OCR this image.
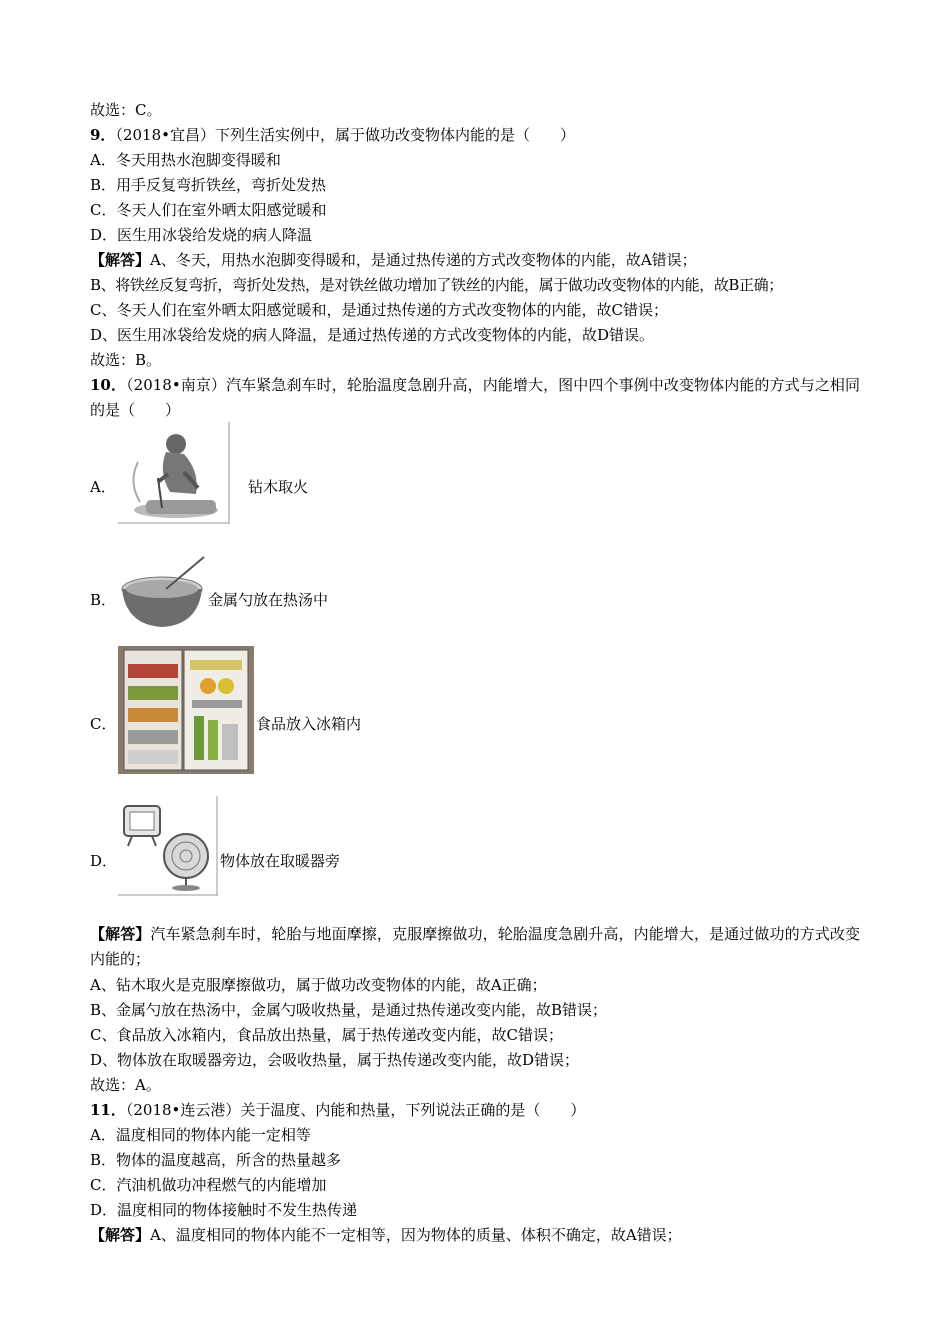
故选：C。
9．（2018•宜昌）下列生活实例中，属于做功改变物体内能的是（　　）
A．冬天用热水泡脚变得暖和
B．用手反复弯折铁丝，弯折处发热
C．冬天人们在室外晒太阳感觉暖和
D．医生用冰袋给发烧的病人降温
【解答】A、冬天，用热水泡脚变得暖和，是通过热传递的方式改变物体的内能，故A错误；
B、将铁丝反复弯折，弯折处发热，是对铁丝做功增加了铁丝的内能，属于做功改变物体的内能，故B正确；
C、冬天人们在室外晒太阳感觉暖和，是通过热传递的方式改变物体的内能，故C错误；
D、医生用冰袋给发烧的病人降温，是通过热传递的方式改变物体的内能，故D错误。
故选：B。
10．（2018•南京）汽车紧急刹车时，轮胎温度急剧升高，内能增大，图中四个事例中改变物体内能的方式与之相同的是（　　）
A．	钻木取火
B．	金属勺放在热汤中
C．	食品放入冰箱内
D．	物体放在取暖器旁
【解答】汽车紧急刹车时，轮胎与地面摩擦，克服摩擦做功，轮胎温度急剧升高，内能增大，是通过做功的方式改变内能的；
A、钻木取火是克服摩擦做功，属于做功改变物体的内能，故A正确；
B、金属勺放在热汤中，金属勺吸收热量，是通过热传递改变内能，故B错误；
C、食品放入冰箱内，食品放出热量，属于热传递改变内能，故C错误；
D、物体放在取暖器旁边，会吸收热量，属于热传递改变内能，故D错误；
故选：A。
11．（2018•连云港）关于温度、内能和热量，下列说法正确的是（　　）
A．温度相同的物体内能一定相等
B．物体的温度越高，所含的热量越多
C．汽油机做功冲程燃气的内能增加
D．温度相同的物体接触时不发生热传递
【解答】A、温度相同的物体内能不一定相等，因为物体的质量、体积不确定，故A错误；
